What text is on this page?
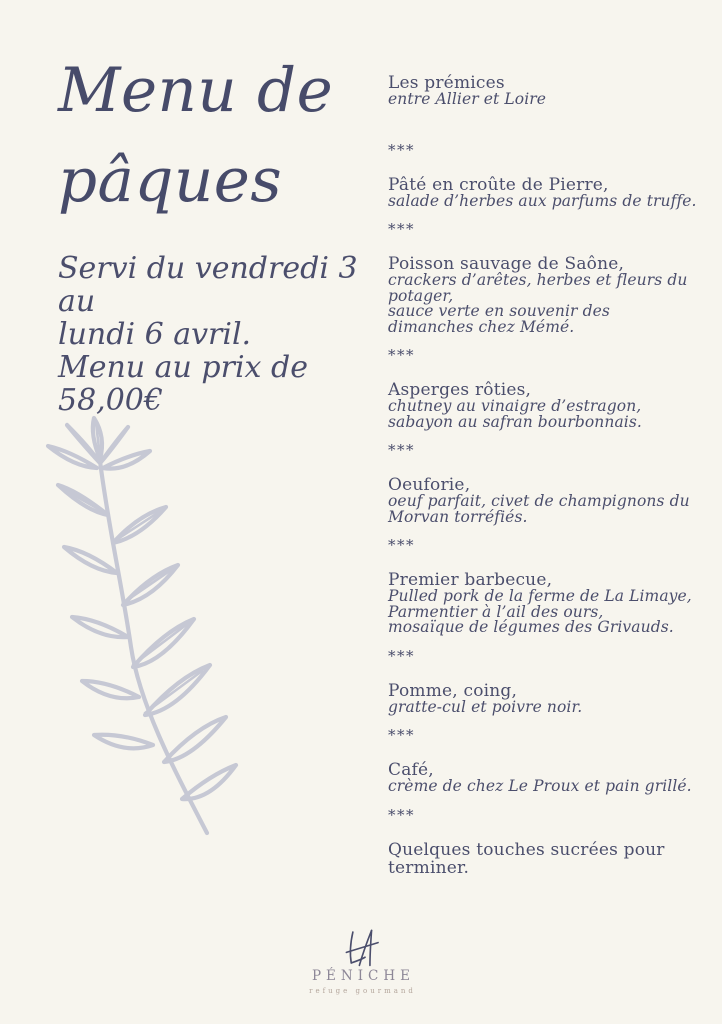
Menu de pâques
Servi du vendredi 3 au
lundi 6 avril.
Menu au prix de 58,00€
Les prémices
entre Allier et Loire
***
Pâté en croûte de Pierre,
salade d’herbes aux parfums de truffe.
***
Poisson sauvage de Saône,
crackers d’arêtes, herbes et fleurs du potager,
sauce verte en souvenir des dimanches chez Mémé.
***
Asperges rôties,
chutney au vinaigre d’estragon,
sabayon au safran bourbonnais.
***
Oeuforie,
oeuf parfait, civet de champignons du Morvan torréfiés.
***
Premier barbecue,
Pulled pork de la ferme de La Limaye,
Parmentier à l’ail des ours,
mosaïque de légumes des Grivauds.
***
Pomme, coing,
gratte-cul et poivre noir.
***
Café,
crème de chez Le Proux et pain grillé.
***
Quelques touches sucrées pour terminer.
PÉNICHE
refuge gourmand
